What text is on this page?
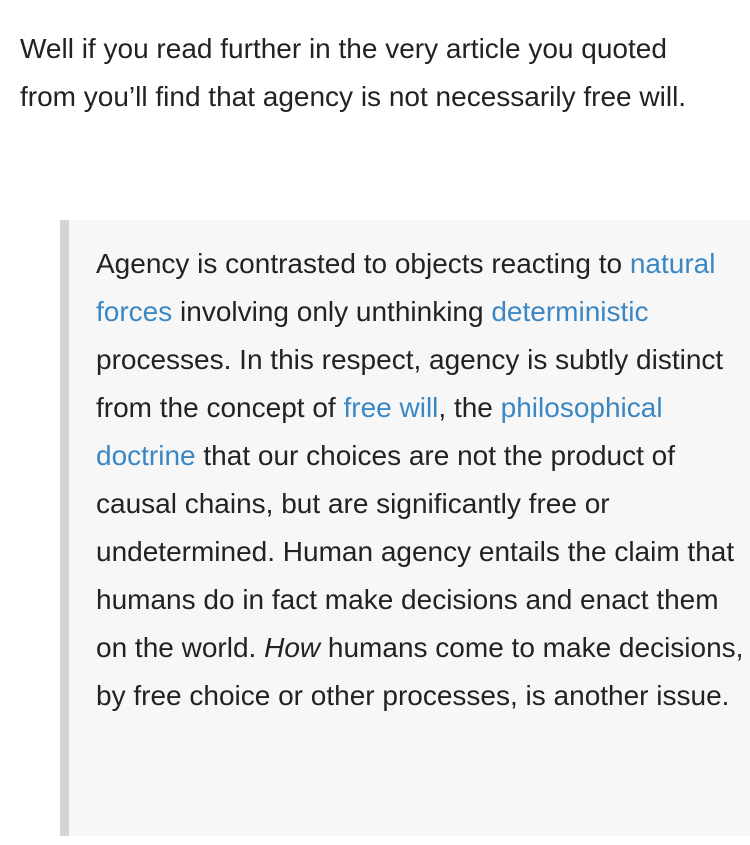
Well if you read further in the very article you quoted from you’ll find that agency is not necessarily free will.

Agency is contrasted to objects reacting to natural forces involving only unthinking deterministic processes. In this respect, agency is subtly distinct from the concept of free will, the philosophical doctrine that our choices are not the product of causal chains, but are significantly free or undetermined. Human agency entails the claim that humans do in fact make decisions and enact them on the world. How humans come to make decisions, by free choice or other processes, is another issue.
